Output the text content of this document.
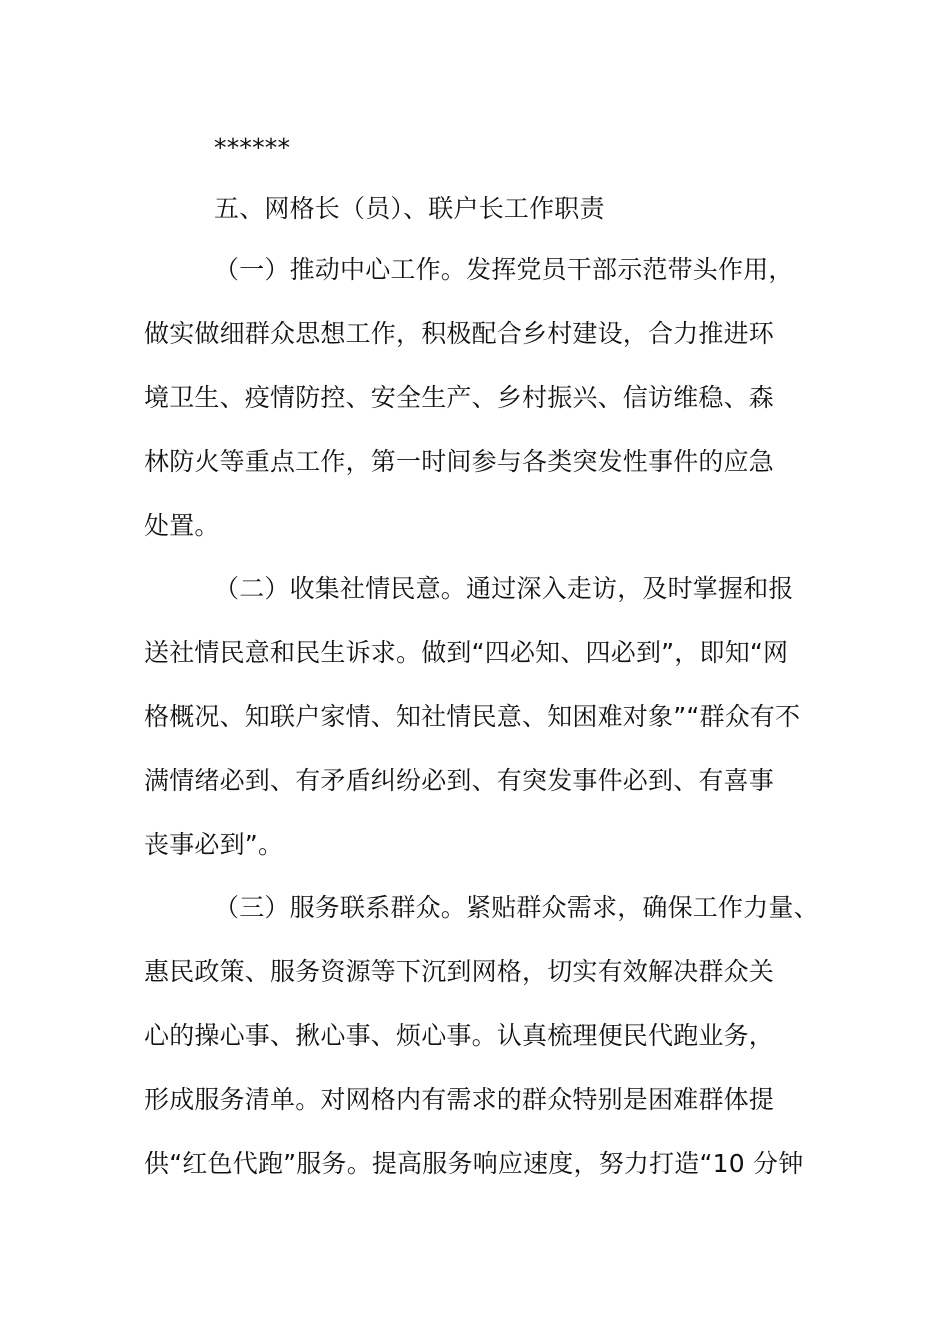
******
五、网格长（员）、联户长工作职责
（一）推动中心工作。发挥党员干部示范带头作用，
做实做细群众思想工作，积极配合乡村建设，合力推进环
境卫生、疫情防控、安全生产、乡村振兴、信访维稳、森
林防火等重点工作，第一时间参与各类突发性事件的应急
处置。
（二）收集社情民意。通过深入走访，及时掌握和报
送社情民意和民生诉求。做到“四必知、四必到”，即知“网
格概况、知联户家情、知社情民意、知困难对象”“群众有不
满情绪必到、有矛盾纠纷必到、有突发事件必到、有喜事
丧事必到”。
（三）服务联系群众。紧贴群众需求，确保工作力量、
惠民政策、服务资源等下沉到网格，切实有效解决群众关
心的操心事、揪心事、烦心事。认真梳理便民代跑业务，
形成服务清单。对网格内有需求的群众特别是困难群体提
供“红色代跑”服务。提高服务响应速度，努力打造“10 分钟
